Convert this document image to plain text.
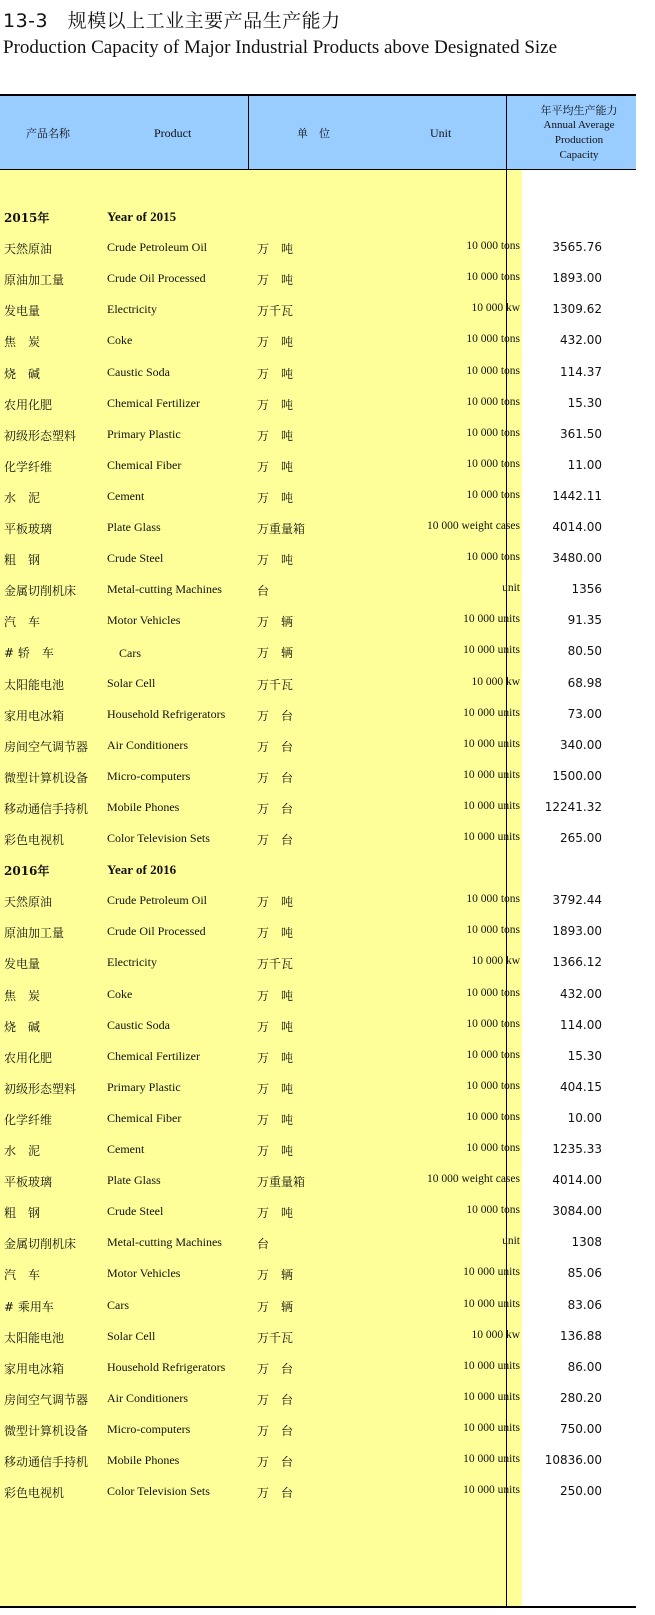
13-3　规模以上工业主要产品生产能力
Production Capacity of Major Industrial Products above Designated Size
产品名称	Product	单　位	Unit
年平均生产能力
Annual Average
Production
Capacity
2015年	Year of 2015
天然原油	Crude Petroleum Oil	万　吨	10 000 tons	3565.76
原油加工量	Crude Oil Processed	万　吨	10 000 tons	1893.00
发电量	Electricity	万千瓦	10 000 kw	1309.62
焦　炭	Coke	万　吨	10 000 tons	432.00
烧　碱	Caustic Soda	万　吨	10 000 tons	114.37
农用化肥	Chemical Fertilizer	万　吨	10 000 tons	15.30
初级形态塑料	Primary Plastic	万　吨	10 000 tons	361.50
化学纤维	Chemical Fiber	万　吨	10 000 tons	11.00
水　泥	Cement	万　吨	10 000 tons	1442.11
平板玻璃	Plate Glass	万重量箱	10 000 weight cases	4014.00
粗　钢	Crude Steel	万　吨	10 000 tons	3480.00
金属切削机床	Metal-cutting Machines	台	unit	1356
汽　车	Motor Vehicles	万　辆	10 000 units	91.35
# 轿　车	　Cars	万　辆	10 000 units	80.50
太阳能电池	Solar Cell	万千瓦	10 000 kw	68.98
家用电冰箱	Household Refrigerators	万　台	10 000 units	73.00
房间空气调节器 Air Conditioners	万　台	10 000 units	340.00
微型计算机设备 Micro-computers	万　台	10 000 units	1500.00
移动通信手持机 Mobile Phones	万　台	10 000 units 12241.32
彩色电视机	Color Television Sets	万　台	10 000 units	265.00
2016年	Year of 2016
天然原油	Crude Petroleum Oil	万　吨	10 000 tons	3792.44
原油加工量	Crude Oil Processed	万　吨	10 000 tons	1893.00
发电量	Electricity	万千瓦	10 000 kw	1366.12
焦　炭	Coke	万　吨	10 000 tons	432.00
烧　碱	Caustic Soda	万　吨	10 000 tons	114.00
农用化肥	Chemical Fertilizer	万　吨	10 000 tons	15.30
初级形态塑料	Primary Plastic	万　吨	10 000 tons	404.15
化学纤维	Chemical Fiber	万　吨	10 000 tons	10.00
水　泥	Cement	万　吨	10 000 tons	1235.33
平板玻璃	Plate Glass	万重量箱	10 000 weight cases	4014.00
粗　钢	Crude Steel	万　吨	10 000 tons	3084.00
金属切削机床	Metal-cutting Machines	台	unit	1308
汽　车	Motor Vehicles	万　辆	10 000 units	85.06
# 乘用车	Cars	万　辆	10 000 units	83.06
太阳能电池	Solar Cell	万千瓦	10 000 kw	136.88
家用电冰箱	Household Refrigerators	万　台	10 000 units	86.00
房间空气调节器 Air Conditioners	万　台	10 000 units	280.20
微型计算机设备 Micro-computers	万　台	10 000 units	750.00
移动通信手持机 Mobile Phones	万　台	10 000 units 10836.00
彩色电视机	Color Television Sets	万　台	10 000 units	250.00
